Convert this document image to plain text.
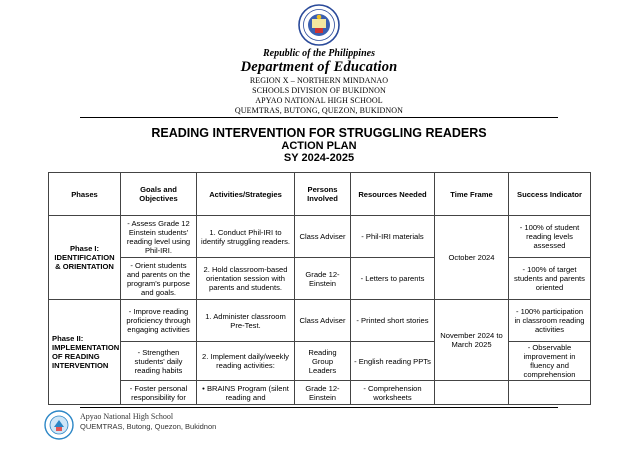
Republic of the Philippines
Department of Education
REGION X – NORTHERN MINDANAO
SCHOOLS DIVISION OF BUKIDNON
APYAO NATIONAL HIGH SCHOOL
QUEMTRAS, BUTONG, QUEZON, BUKIDNON
READING INTERVENTION FOR STRUGGLING READERS
ACTION PLAN
SY 2024-2025
Phases	Goals and Objectives	Activities/Strategies	Persons Involved	Resources Needed	Time Frame	Success Indicator
Phase I: IDENTIFICATION & ORIENTATION	- Assess Grade 12 Einstein students' reading level using Phil-IRI.	1. Conduct Phil-IRI to identify struggling readers.	Class Adviser	- Phil-IRI materials	October 2024	- 100% of student reading levels assessed
	- Orient students and parents on the program's purpose and goals.	2. Hold classroom-based orientation session with parents and students.	Grade 12-Einstein	- Letters to parents		- 100% of target students and parents oriented
Phase II: IMPLEMENTATION OF READING INTERVENTION	- Improve reading proficiency through engaging activities	1. Administer classroom Pre-Test.	Class Adviser	- Printed short stories	November 2024 to March 2025	- 100% participation in classroom reading activities
	- Strengthen students' daily reading habits	2. Implement daily/weekly reading activities:	Reading Group Leaders	- English reading PPTs		- Observable improvement in fluency and comprehension
	- Foster personal responsibility for	• BRAINS Program (silent reading and	Grade 12-Einstein	- Comprehension worksheets		
Apyao National High School
QUEMTRAS, Butong, Quezon, Bukidnon
